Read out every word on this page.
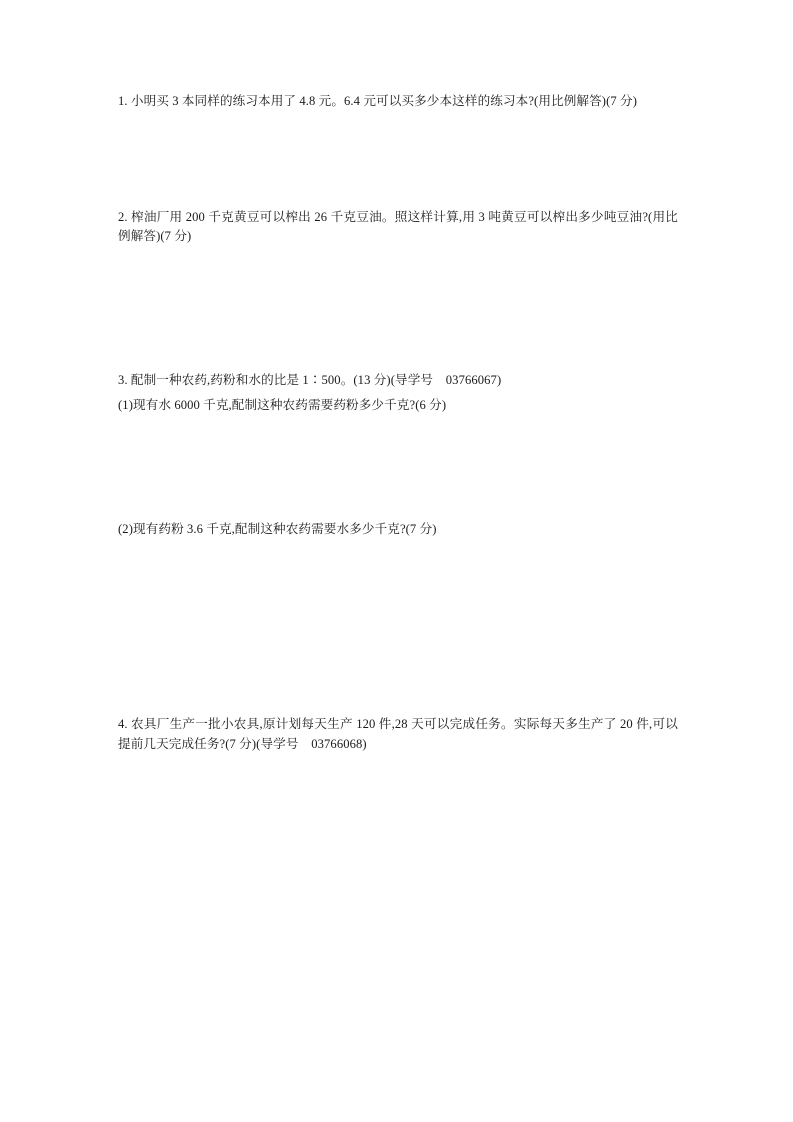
1. 小明买 3 本同样的练习本用了 4.8 元。6.4 元可以买多少本这样的练习本?(用比例解答)(7 分)
2. 榨油厂用 200 千克黄豆可以榨出 26 千克豆油。照这样计算,用 3 吨黄豆可以榨出多少吨豆油?(用比例解答)(7 分)
3. 配制一种农药,药粉和水的比是 1∶500。(13 分)(导学号　03766067)
(1)现有水 6000 千克,配制这种农药需要药粉多少千克?(6 分)
(2)现有药粉 3.6 千克,配制这种农药需要水多少千克?(7 分)
4. 农具厂生产一批小农具,原计划每天生产 120 件,28 天可以完成任务。实际每天多生产了 20 件,可以提前几天完成任务?(7 分)(导学号　03766068)
